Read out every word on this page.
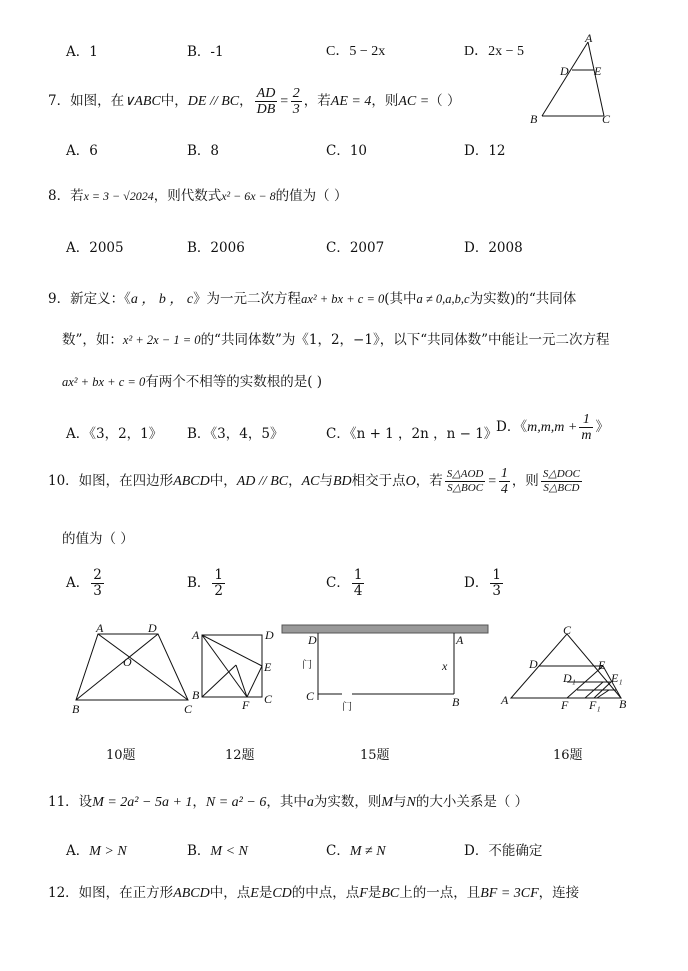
A．1	B．-1	C．5 − 2x	D．2x − 5
A
D E
B	C
7．如图，在∨ABC中，DE // BC， $\frac{AD}{DB} = \frac{2}{3}$ ，若AE = 4，则AC =（ ）
A．6	B．8	C．10	D．12
8．若x = 3 − √2024，则代数式x² − 6x − 8的值为（ ）
A．2005	B．2006	C．2007	D．2008
9．新定义：《a ， b ， c》为一元二次方程ax² + bx + c = 0(其中a ≠ 0,a,b,c为实数)的“共同体
数”，如：x² + 2x − 1 = 0的“共同体数”为《1，2，−1》，以下“共同体数”中能让一元二次方程
ax² + bx + c = 0有两个不相等的实数根的是( )
A．《3，2，1》 B．《3，4，5》	C．《n + 1 ，2n ，n − 1》
D．《$m,m,m + \frac{1}{m}$ 》
10．如图，在四边形ABCD中，AD // BC，AC与BD相交于点O，若 $\frac{\text{S△AOD}}{\text{S△BOC}} = \frac{1}{4}$ ，则 $\frac{\text{S△DOC}}{\text{S△BCD}}$
的值为（ ）
A． $\frac{2}{3}$	B． $\frac{1}{2}$	C． $\frac{1}{4}$	D． $\frac{1}{3}$
A	D
O
B	C
A	D
E
B
F C
D	A
门	x
C
门	B
C
D	E
D₁	E₁
A	F F₁ B
10题	12题	15题	16题
11．设M = 2a² − 5a + 1，N = a² − 6，其中a为实数，则M与N的大小关系是（ ）
A．M > N	B．M < N	C．M ≠ N	D．不能确定
12．如图，在正方形ABCD中，点E是CD的中点，点F是BC上的一点，且BF = 3CF，连接
